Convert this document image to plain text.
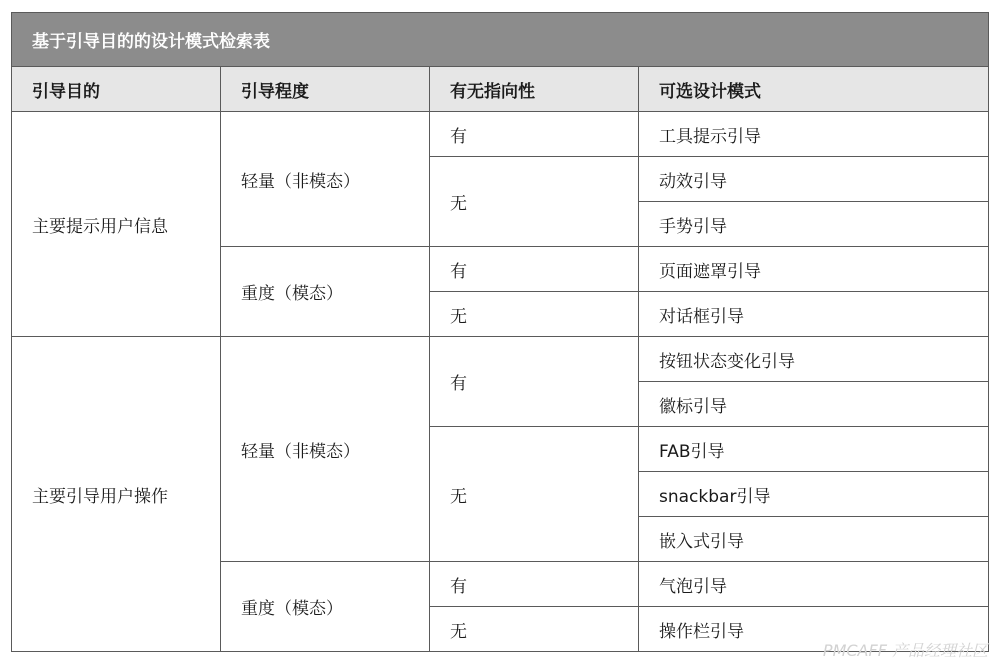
基于引导目的的设计模式检索表			
引导目的	引导程度	有无指向性	可选设计模式
主要提示用户信息	轻量（非模态）	有	工具提示引导
		无	动效引导
			手势引导
	重度（模态）	有	页面遮罩引导
		无	对话框引导
主要引导用户操作	轻量（非模态）	有	按钮状态变化引导
			徽标引导
		无	FAB引导
			snackbar引导
			嵌入式引导
	重度（模态）	有	气泡引导
		无	操作栏引导
PMCAFF 产品经理社区
